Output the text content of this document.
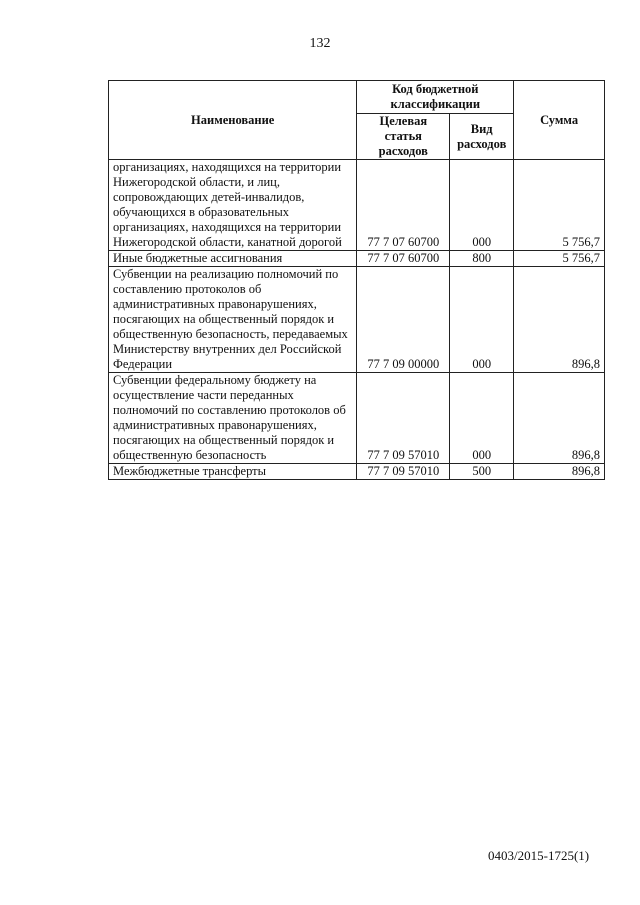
132
Наименование	Код бюджетной классификации		Сумма
	Целевая статья расходов	Вид расходов	
организациях, находящихся на территории Нижегородской области, и лиц, сопровождающих детей-инвалидов, обучающихся в образовательных организациях, находящихся на территории Нижегородской области, канатной дорогой	77 7 07 60700	000	5 756,7
Иные бюджетные ассигнования	77 7 07 60700	800	5 756,7
Субвенции на реализацию полномочий по составлению протоколов об административных правонарушениях, посягающих на общественный порядок и общественную безопасность, передаваемых Министерству внутренних дел Российской Федерации	77 7 09 00000	000	896,8
Субвенции федеральному бюджету на осуществление части переданных полномочий по составлению протоколов об административных правонарушениях, посягающих на общественный порядок и общественную безопасность	77 7 09 57010	000	896,8
Межбюджетные трансферты	77 7 09 57010	500	896,8
0403/2015-1725(1)
